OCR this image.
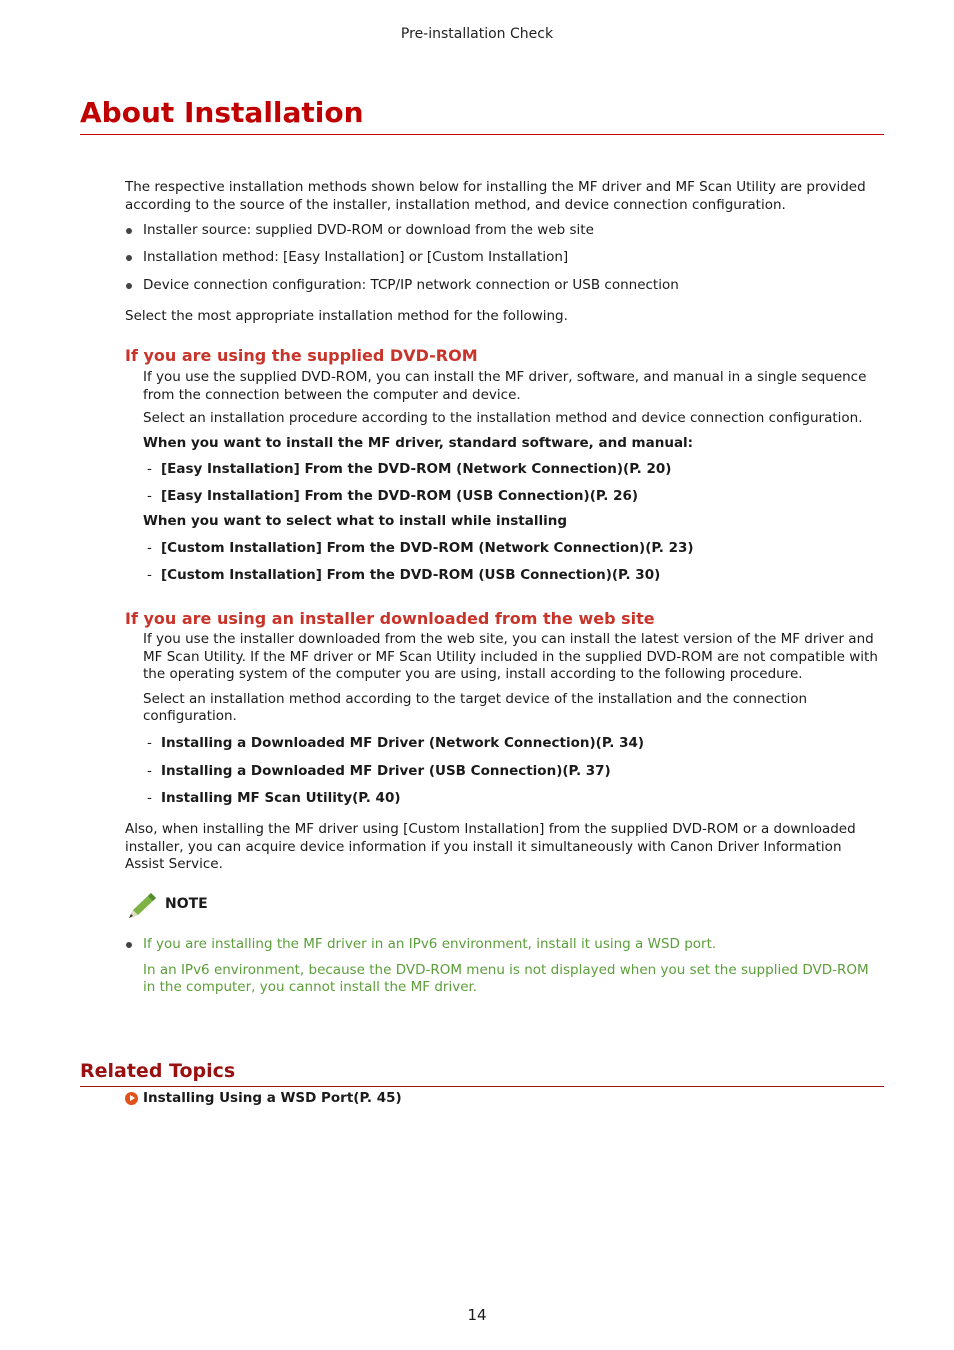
Pre-installation Check
About Installation

The respective installation methods shown below for installing the MF driver and MF Scan Utility are provided according to the source of the installer, installation method, and device connection configuration.

Installer source: supplied DVD-ROM or download from the web site
Installation method: [Easy Installation] or [Custom Installation]
Device connection configuration: TCP/IP network connection or USB connection

Select the most appropriate installation method for the following.

If you are using the supplied DVD-ROM

If you use the supplied DVD-ROM, you can install the MF driver, software, and manual in a single sequence from the connection between the computer and device.

Select an installation procedure according to the installation method and device connection configuration.

When you want to install the MF driver, standard software, and manual:

- [Easy Installation] From the DVD-ROM (Network Connection)(P. 20)
- [Easy Installation] From the DVD-ROM (USB Connection)(P. 26)

When you want to select what to install while installing

- [Custom Installation] From the DVD-ROM (Network Connection)(P. 23)
- [Custom Installation] From the DVD-ROM (USB Connection)(P. 30)
If you are using an installer downloaded from the web site

If you use the installer downloaded from the web site, you can install the latest version of the MF driver and MF Scan Utility. If the MF driver or MF Scan Utility included in the supplied DVD-ROM are not compatible with the operating system of the computer you are using, install according to the following procedure.

Select an installation method according to the target device of the installation and the connection configuration.

- Installing a Downloaded MF Driver (Network Connection)(P. 34)
- Installing a Downloaded MF Driver (USB Connection)(P. 37)
- Installing MF Scan Utility(P. 40)

Also, when installing the MF driver using [Custom Installation] from the supplied DVD-ROM or a downloaded installer, you can acquire device information if you install it simultaneously with Canon Driver Information Assist Service.

NOTE
If you are installing the MF driver in an IPv6 environment, install it using a WSD port.

In an IPv6 environment, because the DVD-ROM menu is not displayed when you set the supplied DVD-ROM in the computer, you cannot install the MF driver.

Related Topics
Installing Using a WSD Port(P. 45)
14
